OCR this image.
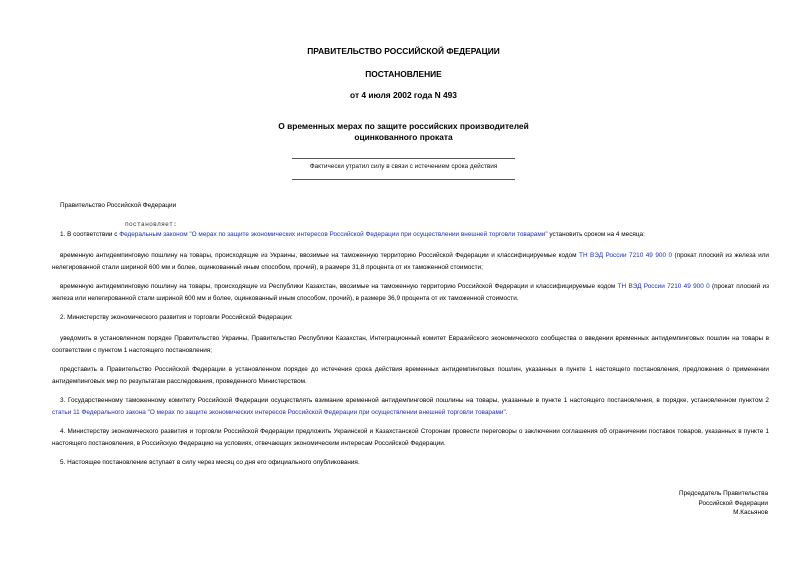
ПРАВИТЕЛЬСТВО РОССИЙСКОЙ ФЕДЕРАЦИИ
ПОСТАНОВЛЕНИЕ
от 4 июля 2002 года N 493
О временных мерах по защите российских производителей
оцинкованного проката
Фактически утратил силу в связи с истечением срока действия
Правительство Российской Федерации
постановляет:
1. В соответствии с Федеральным законом "О мерах по защите экономических интересов Российской Федерации при осуществлении внешней торговли товарами" установить сроком на 4 месяца:
временную антидемпинговую пошлину на товары, происходящие из Украины, ввозимые на таможенную территорию Российской Федерации и классифицируемые кодом ТН ВЭД России 7210 49 900 0 (прокат плоский из железа или нелегированной стали шириной 600 мм и более, оцинкованный иным способом, прочий), в размере 31,8 процента от их таможенной стоимости;
временную антидемпинговую пошлину на товары, происходящие из Республики Казахстан, ввозимые на таможенную территорию Российской Федерации и классифицируемые кодом ТН ВЭД России 7210 49 900 0 (прокат плоский из железа или нелегированной стали шириной 600 мм и более, оцинкованный иным способом, прочий), в размере 36,9 процента от их таможенной стоимости.
2. Министерству экономического развития и торговли Российской Федерации:
уведомить в установленном порядке Правительство Украины, Правительство Республики Казахстан, Интеграционный комитет Евразийского экономического сообщества о введении временных антидемпинговых пошлин на товары в соответствии с пунктом 1 настоящего постановления;
представить в Правительство Российской Федерации в установленном порядке до истечения срока действия временных антидемпинговых пошлин, указанных в пункте 1 настоящего постановления, предложения о применении антидемпинговых мер по результатам расследования, проведенного Министерством.
3. Государственному таможенному комитету Российской Федерации осуществлять взимание временной антидемпинговой пошлины на товары, указанные в пункте 1 настоящего постановления, в порядке, установленном пунктом 2 статьи 11 Федерального закона "О мерах по защите экономических интересов Российской Федерации при осуществлении внешней торговли товарами".
4. Министерству экономического развития и торговли Российской Федерации предложить Украинской и Казахстанской Сторонам провести переговоры о заключении соглашения об ограничении поставок товаров, указанных в пункте 1 настоящего постановления, в Российскую Федерацию на условиях, отвечающих экономическим интересам Российской Федерации.
5. Настоящее постановление вступает в силу через месяц со дня его официального опубликования.
Председатель Правительства
Российской Федерации
М.Касьянов
